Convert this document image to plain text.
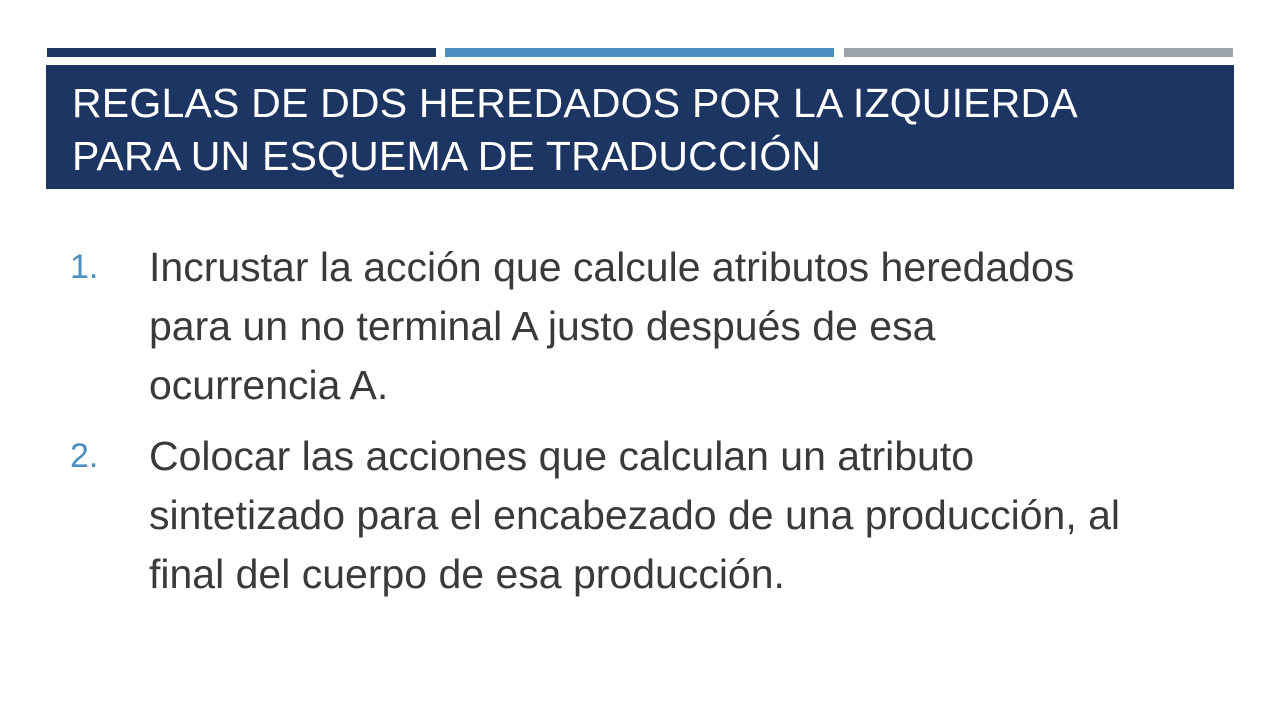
REGLAS DE DDS HEREDADOS POR LA IZQUIERDA
PARA UN ESQUEMA DE TRADUCCIÓN
1. Incrustar la acción que calcule atributos heredados
para un no terminal A justo después de esa
ocurrencia A.
2. Colocar las acciones que calculan un atributo
sintetizado para el encabezado de una producción, al
final del cuerpo de esa producción.
